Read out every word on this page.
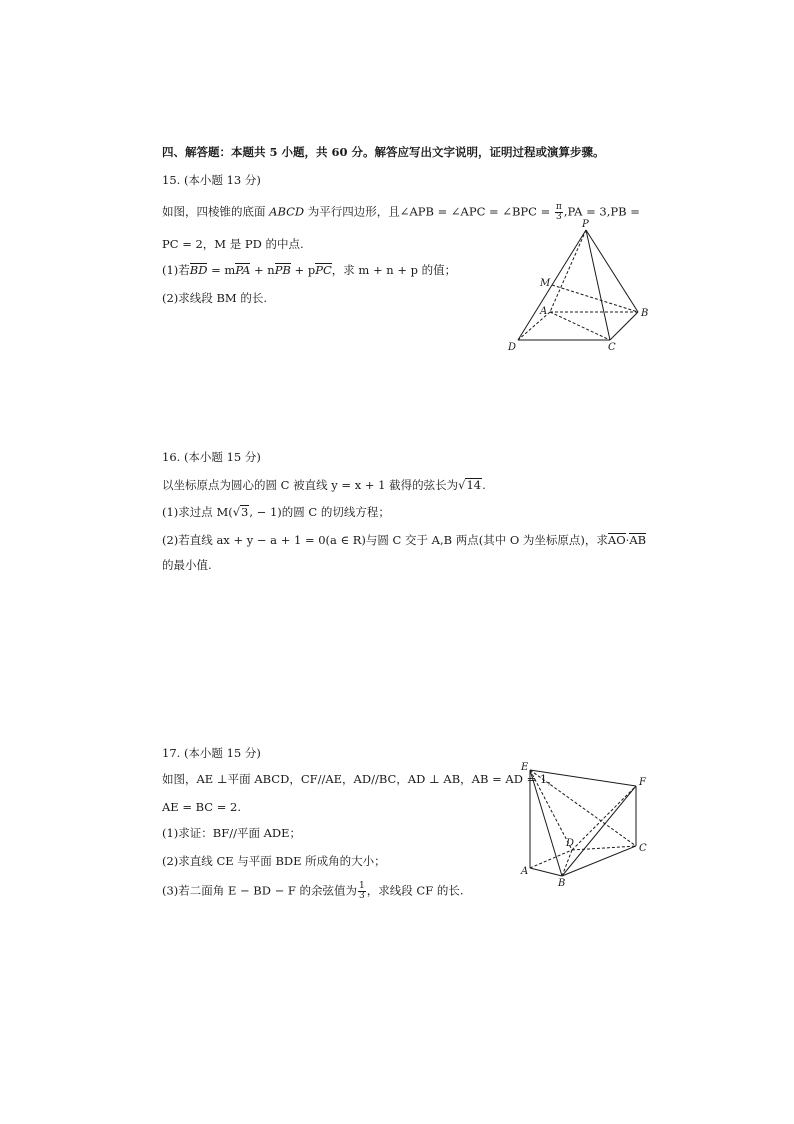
四、解答题：本题共 5 小题，共 60 分。解答应写出文字说明，证明过程或演算步骤。
15. (本小题 13 分)
如图，四棱锥的底面 ABCD 为平行四边形，且∠APB = ∠APC = ∠BPC = $\frac{\pi}{3} ,PA = 3,PB$ =
PC = 2，M 是 PD 的中点.
(1)若BD = mPA + nPB + pPC，求 m + n + p 的值；
(2)求线段 BM 的长.
P
M
A	B
D	C
16. (本小题 15 分)
以坐标原点为圆心的圆 C 被直线 y = x + 1 截得的弦长为√14.
(1)求过点 M(√3, − 1)的圆 C 的切线方程；
(2)若直线 ax + y − a + 1 = 0(a ∈ R)与圆 C 交于 A,B 两点(其中 O 为坐标原点)，求AO·AB
的最小值.
17. (本小题 15 分)
如图，AE ⊥平面 ABCD，CF//AE，AD//BC，AD ⊥ AB，AB = AD = 1，
AE = BC = 2.
(1)求证：BF//平面 ADE；
(2)求直线 CE 与平面 BDE 所成角的大小；
(3)若二面角 E − BD − F 的余弦值为 $\frac{1}{3}$ ，求线段 CF 的长.
E
F
D	C
A
B
